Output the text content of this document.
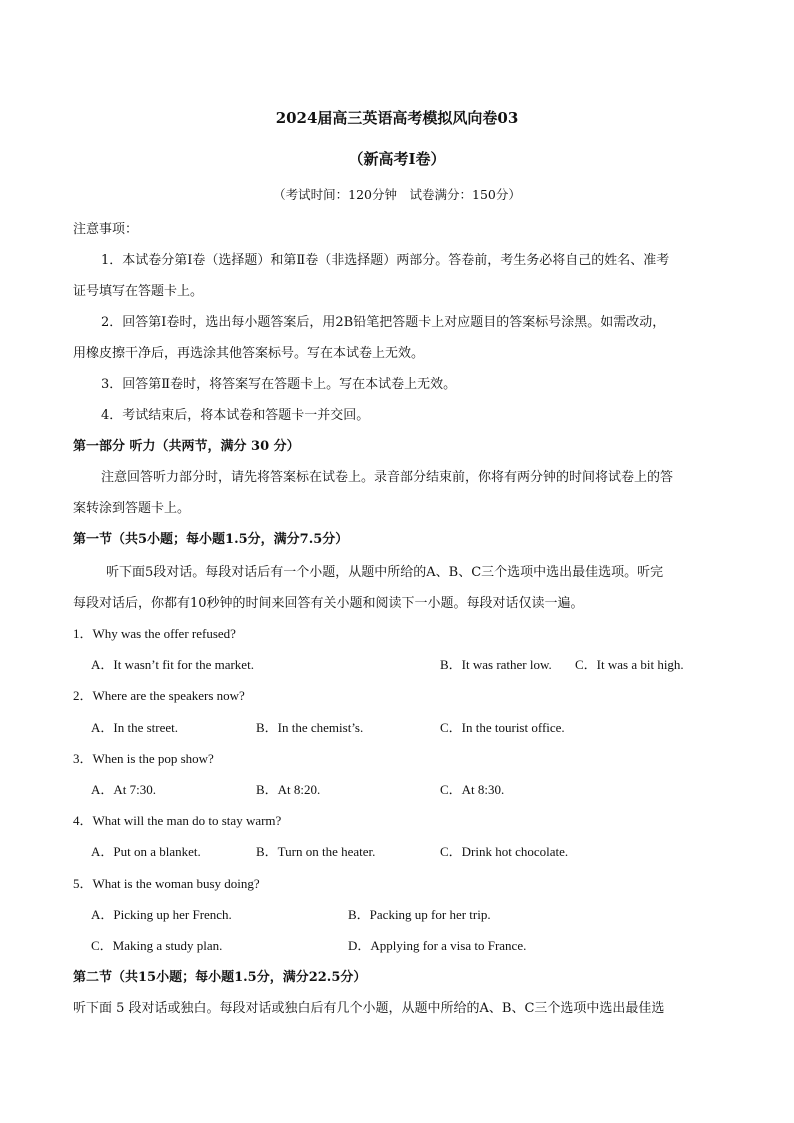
2024届高三英语高考模拟风向卷03
（新高考Ⅰ卷）
（考试时间：120分钟　试卷满分：150分）
注意事项：
1．本试卷分第Ⅰ卷（选择题）和第Ⅱ卷（非选择题）两部分。答卷前，考生务必将自己的姓名、准考
证号填写在答题卡上。
2．回答第Ⅰ卷时，选出每小题答案后，用2B铅笔把答题卡上对应题目的答案标号涂黑。如需改动，
用橡皮擦干净后，再选涂其他答案标号。写在本试卷上无效。
3．回答第Ⅱ卷时，将答案写在答题卡上。写在本试卷上无效。
4．考试结束后，将本试卷和答题卡一并交回。
第一部分 听力（共两节，满分 30 分）
注意回答听力部分时，请先将答案标在试卷上。录音部分结束前，你将有两分钟的时间将试卷上的答
案转涂到答题卡上。
第一节（共5小题；每小题1.5分，满分7.5分）
听下面5段对话。每段对话后有一个小题，从题中所给的A、B、C三个选项中选出最佳选项。听完
每段对话后，你都有10秒钟的时间来回答有关小题和阅读下一小题。每段对话仅读一遍。
1．Why was the offer refused?
A．It wasn’t fit for the market.	B．It was rather low. C．It was a bit high.
2．Where are the speakers now?
A．In the street.	B．In the chemist’s.	C．In the tourist office.
3．When is the pop show?
A．At 7:30.	B．At 8:20.	C．At 8:30.
4．What will the man do to stay warm?
A．Put on a blanket.	B．Turn on the heater.	C．Drink hot chocolate.
5．What is the woman busy doing?
A．Picking up her French.	B．Packing up for her trip.
C．Making a study plan.	D．Applying for a visa to France.
第二节（共15小题；每小题1.5分，满分22.5分）
听下面 5 段对话或独白。每段对话或独白后有几个小题，从题中所给的A、B、C三个选项中选出最佳选
